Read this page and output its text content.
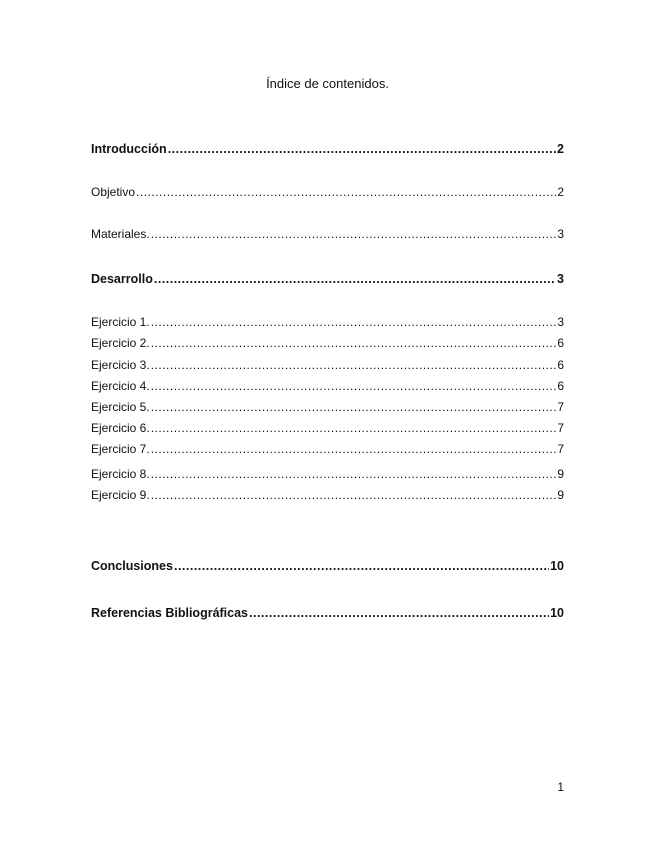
Índice de contenidos.
Introducción .....	2
Objetivo .....	2
Materiales. .....	3
Desarrollo .....	3
Ejercicio 1. .....	3
Ejercicio 2. .....	6
Ejercicio 3. .....	6
Ejercicio 4. .....	6
Ejercicio 5. .....	7
Ejercicio 6. .....	7
Ejercicio 7. .....	7
Ejercicio 8. .....	9
Ejercicio 9. .....	9
Conclusiones .....	10
Referencias Bibliográficas .....	10
1
